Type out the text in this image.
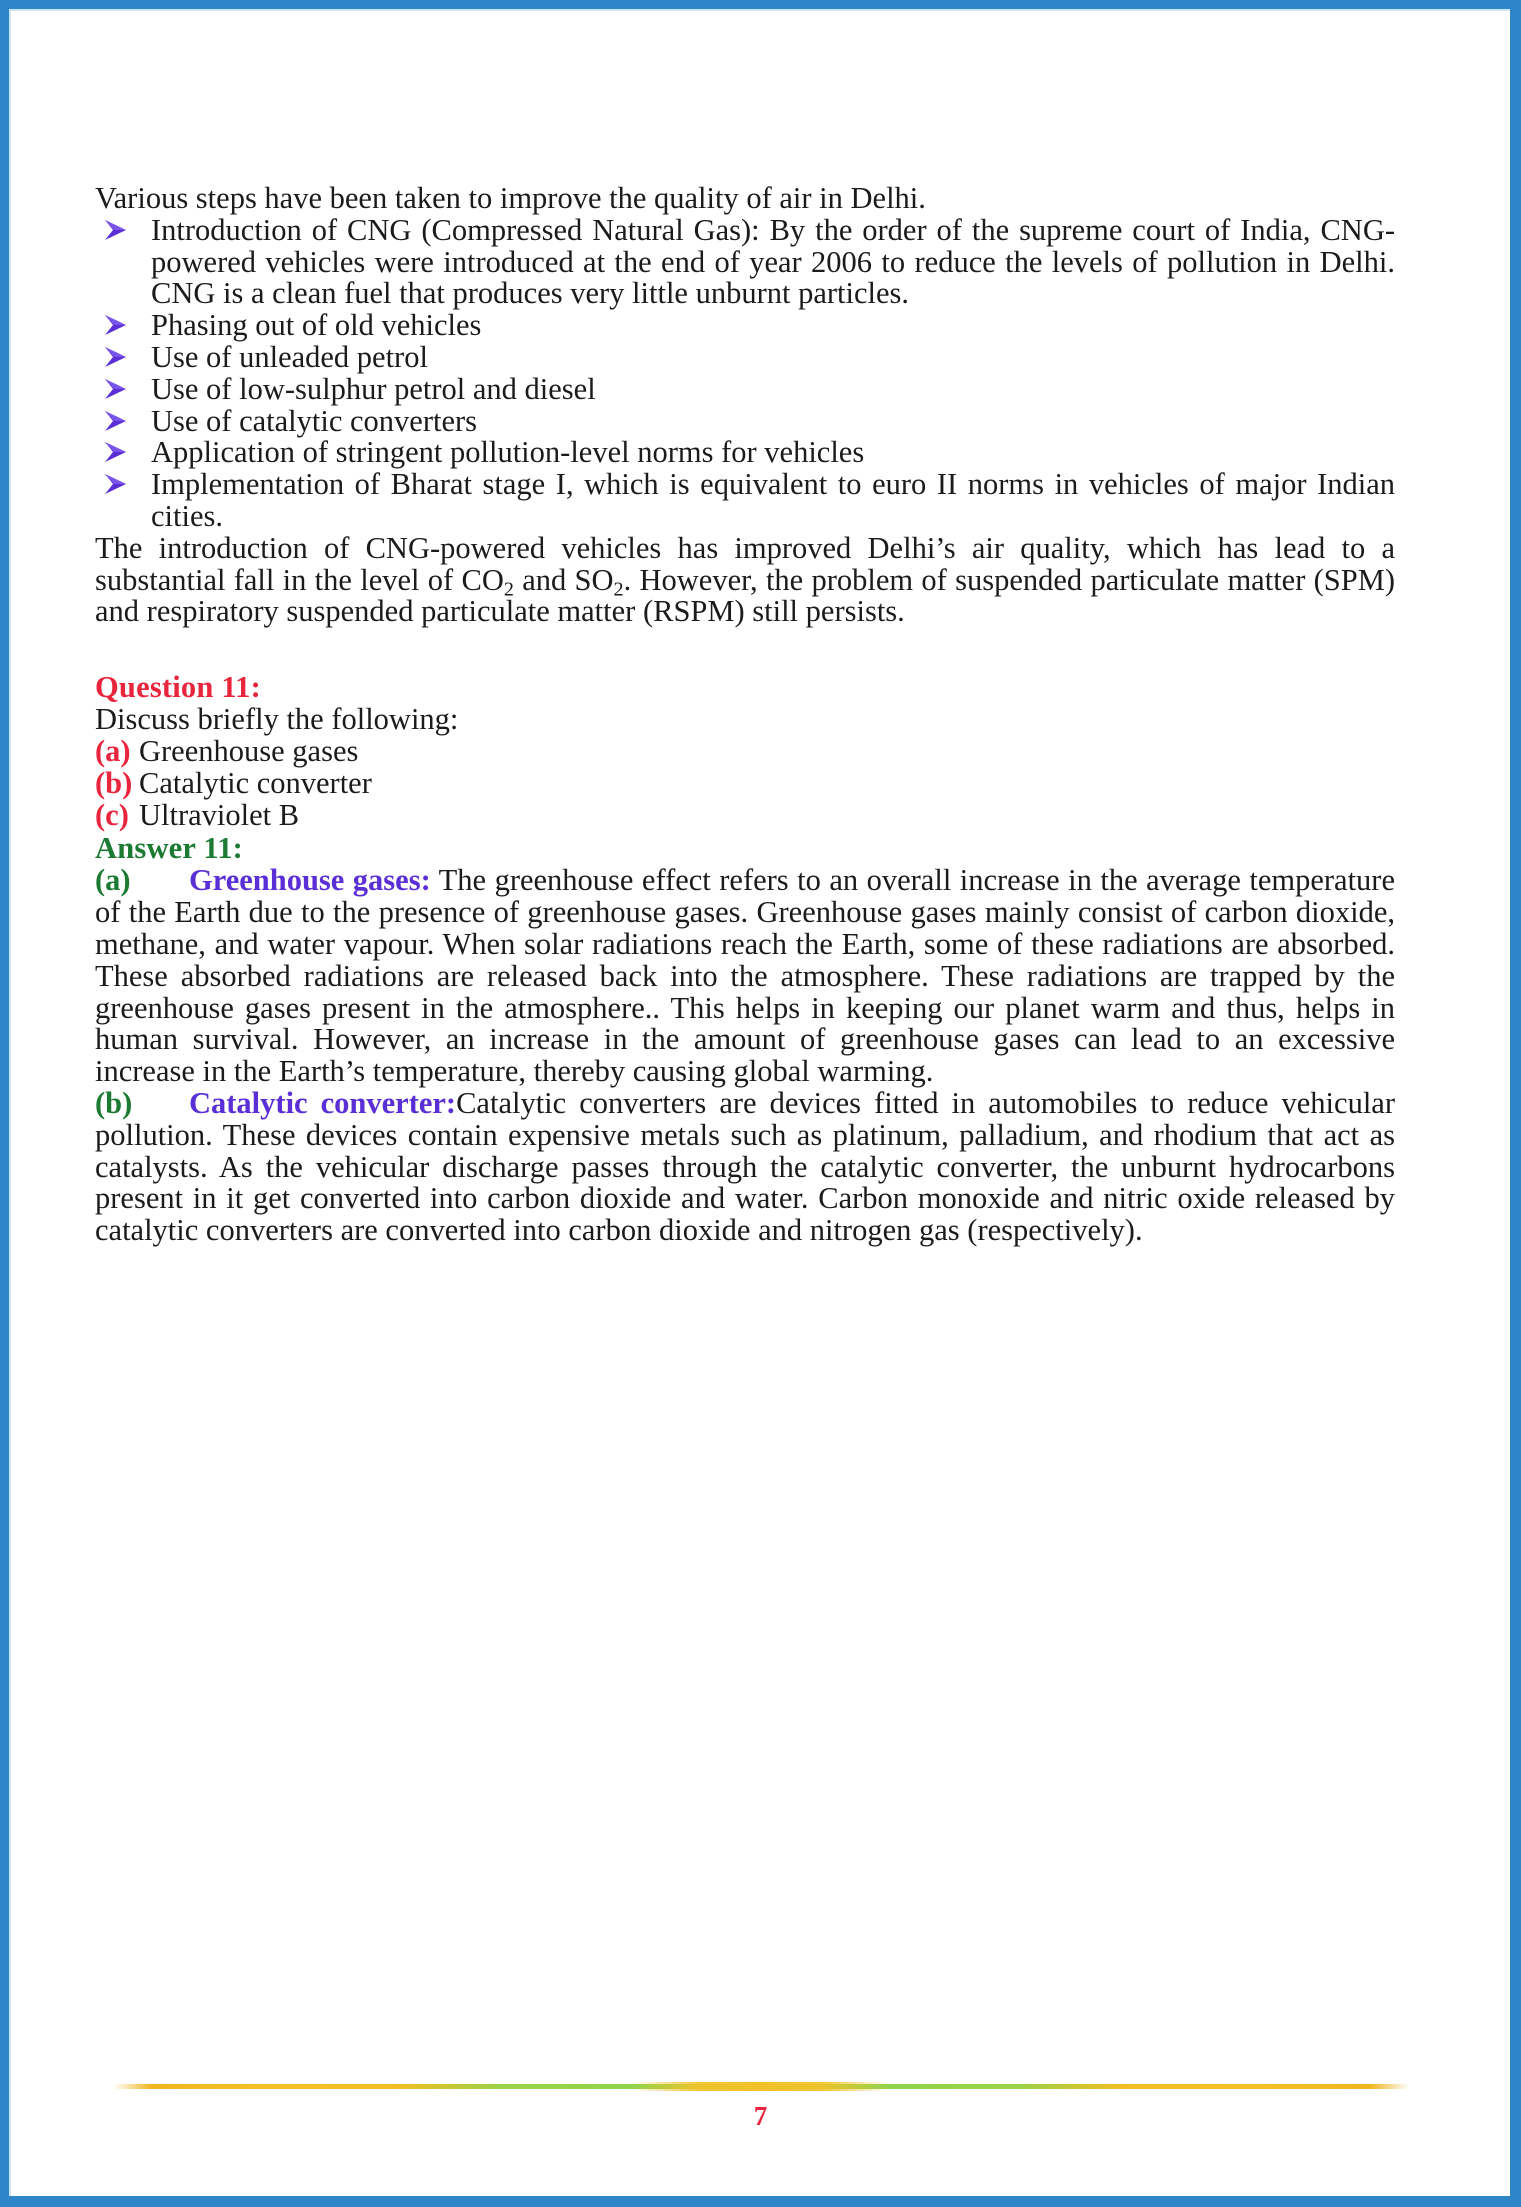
Various steps have been taken to improve the quality of air in Delhi.

Introduction of CNG (Compressed Natural Gas): By the order of the supreme court of India, CNG-powered vehicles were introduced at the end of year 2006 to reduce the levels of pollution in Delhi. CNG is a clean fuel that produces very little unburnt particles.
Phasing out of old vehicles
Use of unleaded petrol
Use of low-sulphur petrol and diesel
Use of catalytic converters
Application of stringent pollution-level norms for vehicles
Implementation of Bharat stage I, which is equivalent to euro II norms in vehicles of major Indian cities.

The introduction of CNG-powered vehicles has improved Delhi’s air quality, which has lead to a substantial fall in the level of $CO_2$ and $SO_2$. However, the problem of suspended particulate matter (SPM) and respiratory suspended particulate matter (RSPM) still persists.

Question 11:

Discuss briefly the following:

(a) Greenhouse gases

(b) Catalytic converter

(c) Ultraviolet B

Answer 11:

(a) Greenhouse gases: The greenhouse effect refers to an overall increase in the average temperature of the Earth due to the presence of greenhouse gases. Greenhouse gases mainly consist of carbon dioxide, methane, and water vapour. When solar radiations reach the Earth, some of these radiations are absorbed. These absorbed radiations are released back into the atmosphere. These radiations are trapped by the greenhouse gases present in the atmosphere.. This helps in keeping our planet warm and thus, helps in human survival. However, an increase in the amount of greenhouse gases can lead to an excessive increase in the Earth’s temperature, thereby causing global warming.

(b) Catalytic converter:Catalytic converters are devices fitted in automobiles to reduce vehicular pollution. These devices contain expensive metals such as platinum, palladium, and rhodium that act as catalysts. As the vehicular discharge passes through the catalytic converter, the unburnt hydrocarbons present in it get converted into carbon dioxide and water. Carbon monoxide and nitric oxide released by catalytic converters are converted into carbon dioxide and nitrogen gas (respectively).

7
